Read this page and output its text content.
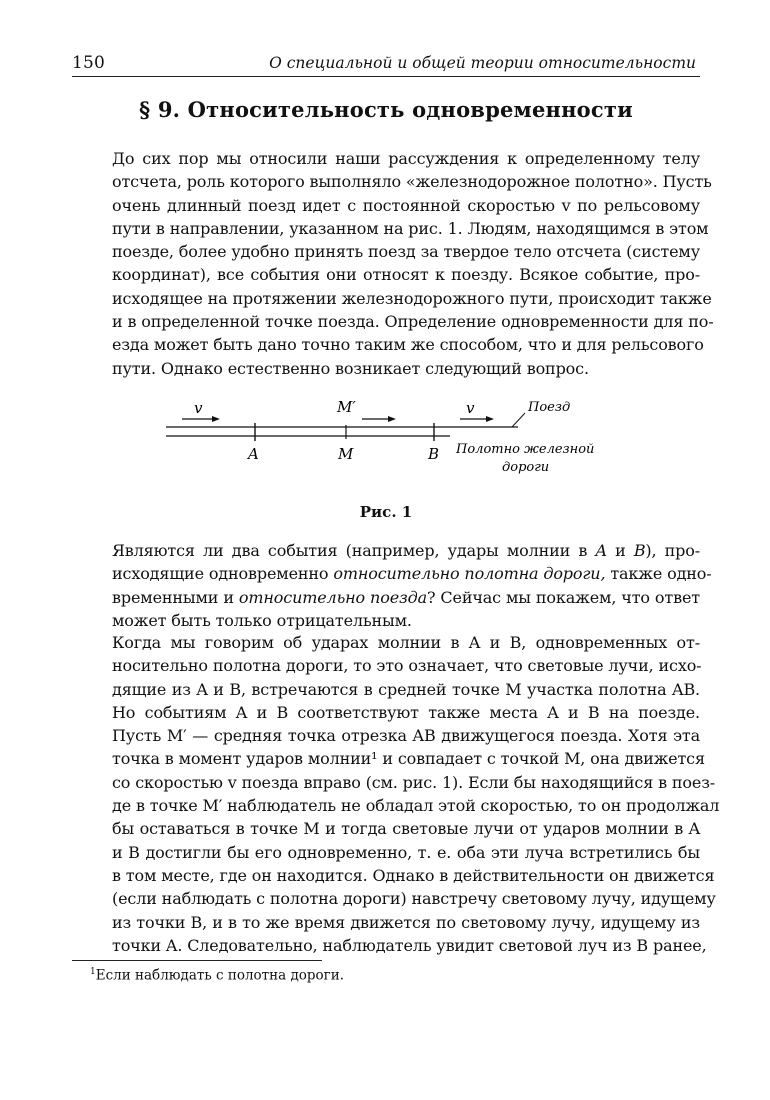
150	О специальной и общей теории относительности
§ 9. Относительность одновременности
До сих пор мы относили наши рассуждения к определенному телу
отсчета, роль которого выполняло «железнодорожное полотно». Пусть
очень длинный поезд идет с постоянной скоростью v по рельсовому
пути в направлении, указанном на рис. 1. Людям, находящимся в этом
поезде, более удобно принять поезд за твердое тело отсчета (систему
координат), все события они относят к поезду. Всякое событие, про-
исходящее на протяжении железнодорожного пути, происходит также
и в определенной точке поезда. Определение одновременности для по-
езда может быть дано точно таким же способом, что и для рельсового
пути. Однако естественно возникает следующий вопрос.
v	M′	v	Поезд
A	M	B Полотно железной
дороги
Рис. 1
Являются ли два события (например, удары молнии в A и B), про-
исходящие одновременно относительно полотна дороги, также одно-
временными и относительно поезда? Сейчас мы покажем, что ответ
может быть только отрицательным.
Когда мы говорим об ударах молнии в A и B, одновременных от-
носительно полотна дороги, то это означает, что световые лучи, исхо-
дящие из A и B, встречаются в средней точке M участка полотна AB.
Но событиям A и B соответствуют также места A и B на поезде.
Пусть M′ — средняя точка отрезка AB движущегося поезда. Хотя эта
точка в момент ударов молнии¹ и совпадает с точкой M, она движется
со скоростью v поезда вправо (см. рис. 1). Если бы находящийся в поез-
де в точке M′ наблюдатель не обладал этой скоростью, то он продолжал
бы оставаться в точке M и тогда световые лучи от ударов молнии в A
и B достигли бы его одновременно, т. е. оба эти луча встретились бы
в том месте, где он находится. Однако в действительности он движется
(если наблюдать с полотна дороги) навстречу световому лучу, идущему
из точки B, и в то же время движется по световому лучу, идущему из
точки A. Следовательно, наблюдатель увидит световой луч из B ранее,
$^1$Если наблюдать с полотна дороги.
